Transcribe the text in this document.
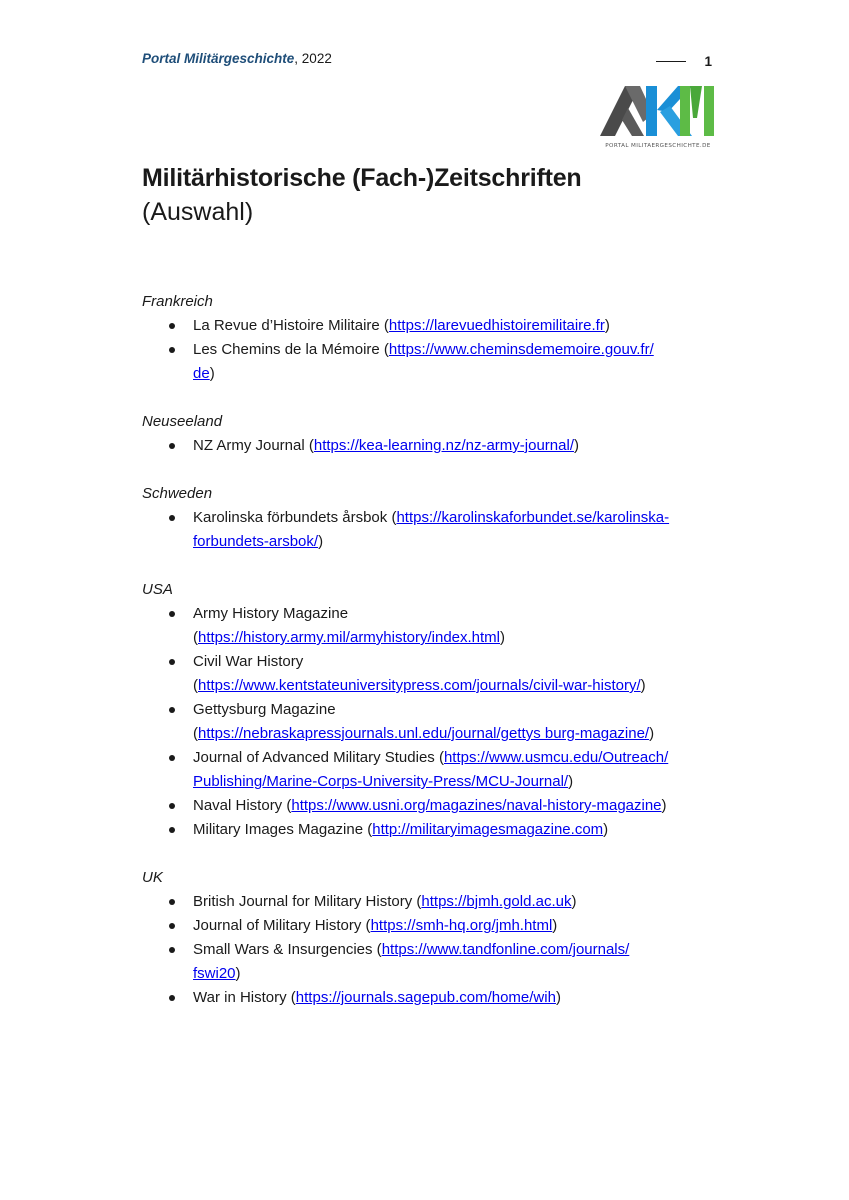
Portal Militärgeschichte, 2022	1
PORTAL MILITAERGESCHICHTE.DE
Militärhistorische (Fach-)Zeitschriften
(Auswahl)

Frankreich

La Revue d’Histoire Militaire (https://larevuedhistoiremilitaire.fr)
Les Chemins de la Mémoire (https://www.cheminsdememoire.gouv.fr/
de)

Neuseeland

NZ Army Journal (https://kea-learning.nz/nz-army-journal/)

Schweden

Karolinska förbundets årsbok (https://karolinskaforbundet.se/karolinska-
forbundets-arsbok/)

USA

Army History Magazine
(https://history.army.mil/armyhistory/index.html)
Civil War History
(https://www.kentstateuniversitypress.com/journals/civil-war-history/)
Gettysburg Magazine
(https://nebraskapressjournals.unl.edu/journal/gettys burg-magazine/)
Journal of Advanced Military Studies (https://www.usmcu.edu/Outreach/
Publishing/Marine-Corps-University-Press/MCU-Journal/)
Naval History (https://www.usni.org/magazines/naval-history-magazine)
Military Images Magazine (http://militaryimagesmagazine.com)

UK

British Journal for Military History (https://bjmh.gold.ac.uk)
Journal of Military History (https://smh-hq.org/jmh.html)
Small Wars & Insurgencies (https://www.tandfonline.com/journals/
fswi20)
War in History (https://journals.sagepub.com/home/wih)
